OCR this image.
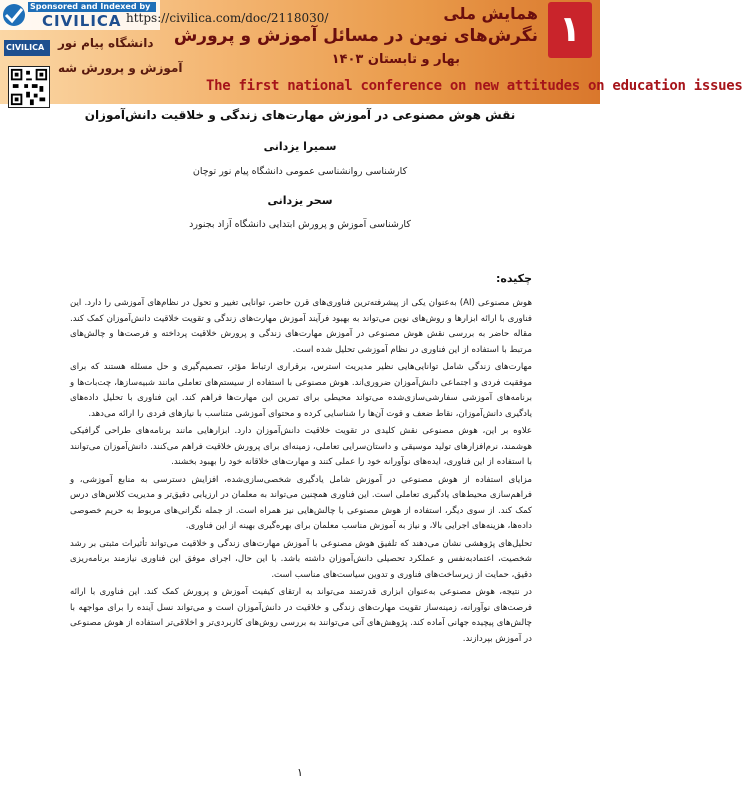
Sponsored and Indexed by
CIVILICA https://civilica.com/doc/2118030/
CIVILICA دانشگاه پیام نور
آموزش و پرورش شه
۱
همایش ملی
نگرش‌های نوین در مسائل آموزش و پرورش
بهار و تابستان ۱۴۰۳
The first national conference on new attitudes on education issues
نقش هوش مصنوعی در آموزش مهارت‌های زندگی و خلاقیت دانش‌آموزان
سمیرا یزدانی
کارشناسی روانشناسی عمومی دانشگاه پیام نور توچان
سحر یزدانی
کارشناسی آموزش و پرورش ابتدایی دانشگاه آزاد بجنورد
چکیده:

هوش مصنوعی (AI) به‌عنوان یکی از پیشرفته‌ترین فناوری‌های قرن حاضر، توانایی تغییر و تحول در نظام‌های آموزشی را دارد. این فناوری با ارائه ابزارها و روش‌های نوین می‌تواند به بهبود فرآیند آموزش مهارت‌های زندگی و تقویت خلاقیت دانش‌آموزان کمک کند. مقاله حاضر به بررسی نقش هوش مصنوعی در آموزش مهارت‌های زندگی و پرورش خلاقیت پرداخته و فرصت‌ها و چالش‌های مرتبط با استفاده از این فناوری در نظام آموزشی تحلیل شده است.

مهارت‌های زندگی شامل توانایی‌هایی نظیر مدیریت استرس، برقراری ارتباط مؤثر، تصمیم‌گیری و حل مسئله هستند که برای موفقیت فردی و اجتماعی دانش‌آموزان ضروری‌اند. هوش مصنوعی با استفاده از سیستم‌های تعاملی مانند شبیه‌سازها، چت‌بات‌ها و برنامه‌های آموزشی سفارشی‌سازی‌شده می‌تواند محیطی برای تمرین این مهارت‌ها فراهم کند. این فناوری با تحلیل داده‌های یادگیری دانش‌آموزان، نقاط ضعف و قوت آن‌ها را شناسایی کرده و محتوای آموزشی متناسب با نیازهای فردی را ارائه می‌دهد.

علاوه بر این، هوش مصنوعی نقش کلیدی در تقویت خلاقیت دانش‌آموزان دارد. ابزارهایی مانند برنامه‌های طراحی گرافیکی هوشمند، نرم‌افزارهای تولید موسیقی و داستان‌سرایی تعاملی، زمینه‌ای برای پرورش خلاقیت فراهم می‌کنند. دانش‌آموزان می‌توانند با استفاده از این فناوری، ایده‌های نوآورانه خود را عملی کنند و مهارت‌های خلاقانه خود را بهبود بخشند.

مزایای استفاده از هوش مصنوعی در آموزش شامل یادگیری شخصی‌سازی‌شده، افزایش دسترسی به منابع آموزشی، و فراهم‌سازی محیط‌های یادگیری تعاملی است. این فناوری همچنین می‌تواند به معلمان در ارزیابی دقیق‌تر و مدیریت کلاس‌های درس کمک کند. از سوی دیگر، استفاده از هوش مصنوعی با چالش‌هایی نیز همراه است. از جمله نگرانی‌های مربوط به حریم خصوصی داده‌ها، هزینه‌های اجرایی بالا، و نیاز به آموزش مناسب معلمان برای بهره‌گیری بهینه از این فناوری.

تحلیل‌های پژوهشی نشان می‌دهند که تلفیق هوش مصنوعی با آموزش مهارت‌های زندگی و خلاقیت می‌تواند تأثیرات مثبتی بر رشد شخصیت، اعتماد‌به‌نفس و عملکرد تحصیلی دانش‌آموزان داشته باشد. با این حال، اجرای موفق این فناوری نیازمند برنامه‌ریزی دقیق، حمایت از زیرساخت‌های فناوری و تدوین سیاست‌های مناسب است.

در نتیجه، هوش مصنوعی به‌عنوان ابزاری قدرتمند می‌تواند به ارتقای کیفیت آموزش و پرورش کمک کند. این فناوری با ارائه فرصت‌های نوآورانه، زمینه‌ساز تقویت مهارت‌های زندگی و خلاقیت در دانش‌آموزان است و می‌تواند نسل آینده را برای مواجهه با چالش‌های پیچیده جهانی آماده کند. پژوهش‌های آتی می‌توانند به بررسی روش‌های کاربردی‌تر و اخلاقی‌تر استفاده از هوش مصنوعی در آموزش بپردازند.

۱
